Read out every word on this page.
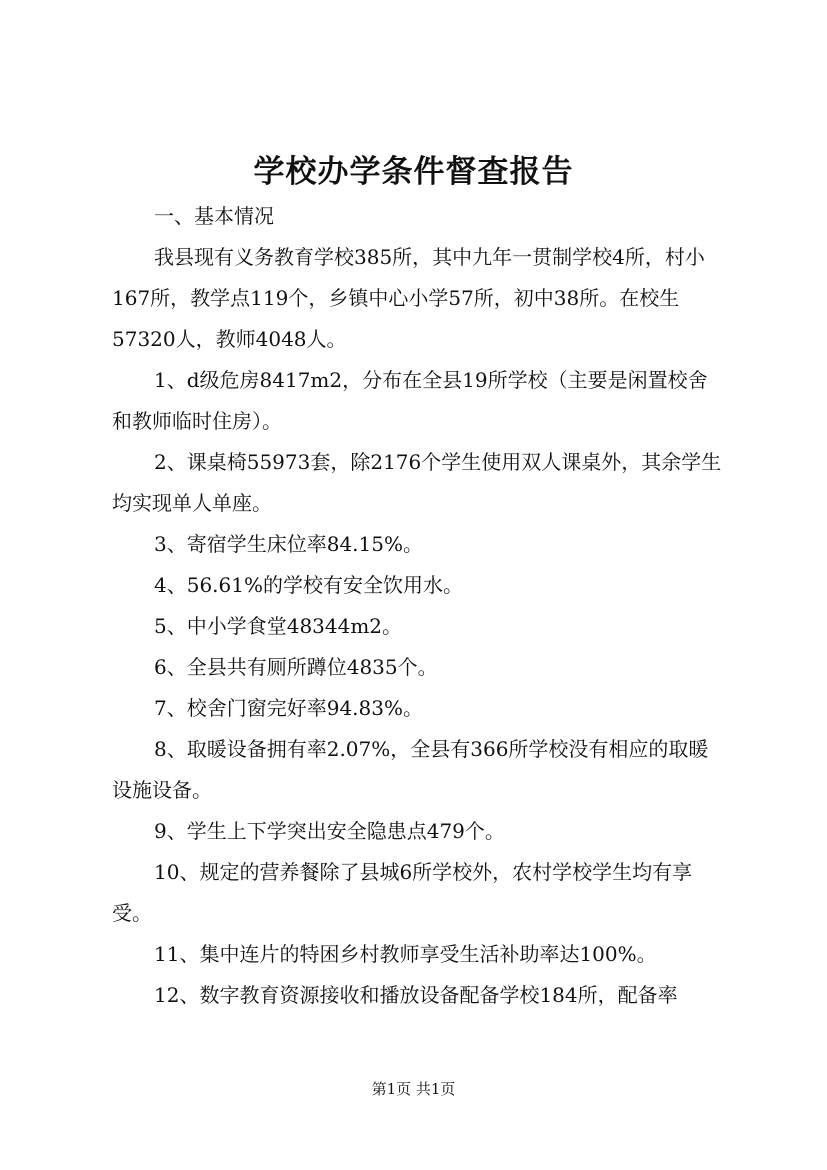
学校办学条件督查报告

一、基本情况

我县现有义务教育学校385所，其中九年一贯制学校4所，村小167所，教学点119个，乡镇中心小学57所，初中38所。在校生57320人，教师4048人。

1、d级危房8417m2，分布在全县19所学校（主要是闲置校舍和教师临时住房）。

2、课桌椅55973套，除2176个学生使用双人课桌外，其余学生均实现单人单座。

3、寄宿学生床位率84.15%。

4、56.61%的学校有安全饮用水。

5、中小学食堂48344m2。

6、全县共有厕所蹲位4835个。

7、校舍门窗完好率94.83%。

8、取暖设备拥有率2.07%，全县有366所学校没有相应的取暖设施设备。

9、学生上下学突出安全隐患点479个。

10、规定的营养餐除了县城6所学校外，农村学校学生均有享受。

11、集中连片的特困乡村教师享受生活补助率达100%。

12、数字教育资源接收和播放设备配备学校184所，配备率

第1页 共1页
